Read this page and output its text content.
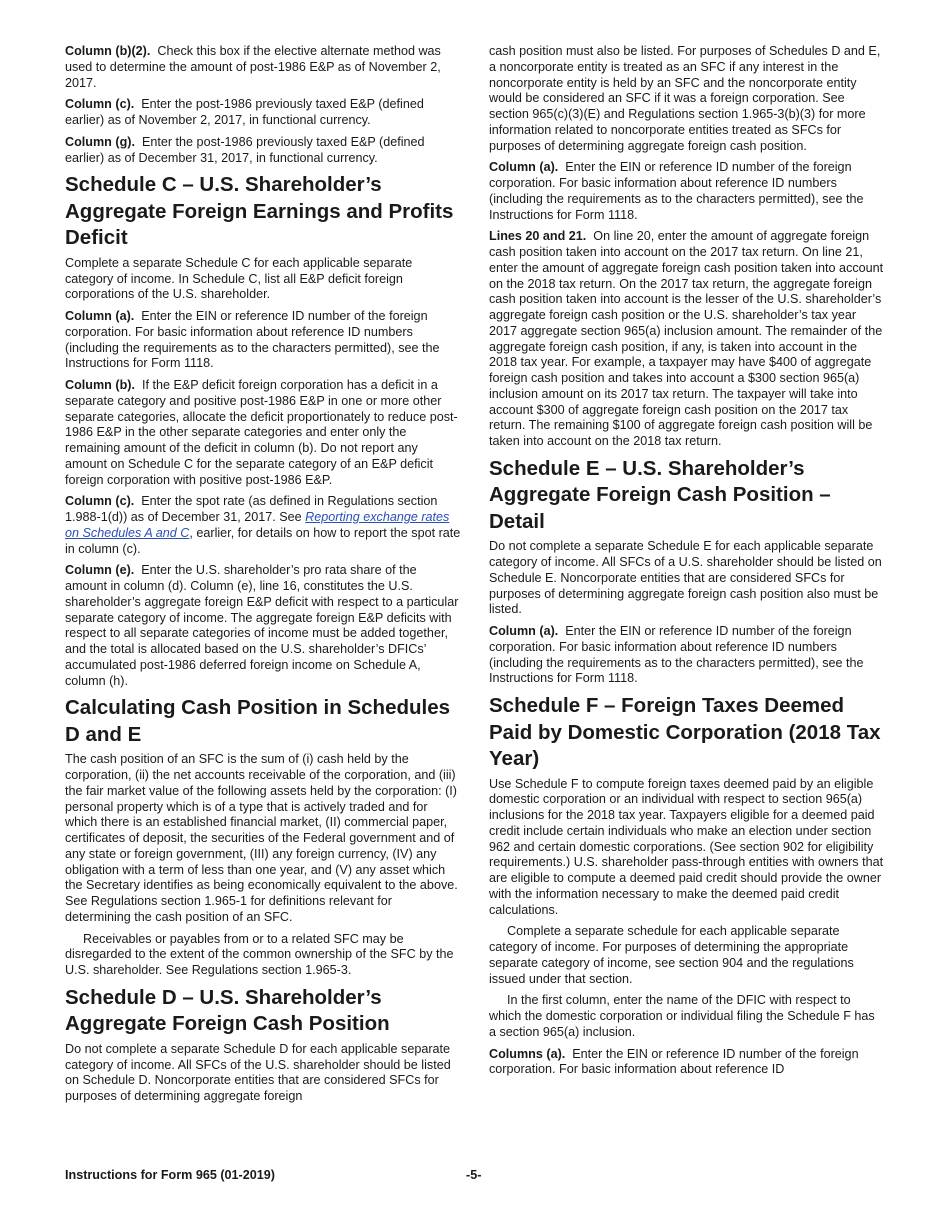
Column (b)(2). Check this box if the elective alternate method was used to determine the amount of post-1986 E&P as of November 2, 2017.

Column (c). Enter the post-1986 previously taxed E&P (defined earlier) as of November 2, 2017, in functional currency.

Column (g). Enter the post-1986 previously taxed E&P (defined earlier) as of December 31, 2017, in functional currency.

Schedule C – U.S. Shareholder’s Aggregate Foreign Earnings and Profits Deficit

Complete a separate Schedule C for each applicable separate category of income. In Schedule C, list all E&P deficit foreign corporations of the U.S. shareholder.

Column (a). Enter the EIN or reference ID number of the foreign corporation. For basic information about reference ID numbers (including the requirements as to the characters permitted), see the Instructions for Form 1118.

Column (b). If the E&P deficit foreign corporation has a deficit in a separate category and positive post-1986 E&P in one or more other separate categories, allocate the deficit proportionately to reduce post-1986 E&P in the other separate categories and enter only the remaining amount of the deficit in column (b). Do not report any amount on Schedule C for the separate category of an E&P deficit foreign corporation with positive post-1986 E&P.

Column (c). Enter the spot rate (as defined in Regulations section 1.988-1(d)) as of December 31, 2017. See Reporting exchange rates on Schedules A and C, earlier, for details on how to report the spot rate in column (c).

Column (e). Enter the U.S. shareholder’s pro rata share of the amount in column (d). Column (e), line 16, constitutes the U.S. shareholder’s aggregate foreign E&P deficit with respect to a particular separate category of income. The aggregate foreign E&P deficits with respect to all separate categories of income must be added together, and the total is allocated based on the U.S. shareholder’s DFICs’ accumulated post-1986 deferred foreign income on Schedule A, column (h).

Calculating Cash Position in Schedules D and E

The cash position of an SFC is the sum of (i) cash held by the corporation, (ii) the net accounts receivable of the corporation, and (iii) the fair market value of the following assets held by the corporation: (I) personal property which is of a type that is actively traded and for which there is an established financial market, (II) commercial paper, certificates of deposit, the securities of the Federal government and of any state or foreign government, (III) any foreign currency, (IV) any obligation with a term of less than one year, and (V) any asset which the Secretary identifies as being economically equivalent to the above. See Regulations section 1.965-1 for definitions relevant for determining the cash position of an SFC.

Receivables or payables from or to a related SFC may be disregarded to the extent of the common ownership of the SFC by the U.S. shareholder. See Regulations section 1.965-3.

Schedule D – U.S. Shareholder’s Aggregate Foreign Cash Position

Do not complete a separate Schedule D for each applicable separate category of income. All SFCs of the U.S. shareholder should be listed on Schedule D. Noncorporate entities that are considered SFCs for purposes of determining aggregate foreign

cash position must also be listed. For purposes of Schedules D and E, a noncorporate entity is treated as an SFC if any interest in the noncorporate entity is held by an SFC and the noncorporate entity would be considered an SFC if it was a foreign corporation. See section 965(c)(3)(E) and Regulations section 1.965-3(b)(3) for more information related to noncorporate entities treated as SFCs for purposes of determining aggregate foreign cash position.

Column (a). Enter the EIN or reference ID number of the foreign corporation. For basic information about reference ID numbers (including the requirements as to the characters permitted), see the Instructions for Form 1118.

Lines 20 and 21. On line 20, enter the amount of aggregate foreign cash position taken into account on the 2017 tax return. On line 21, enter the amount of aggregate foreign cash position taken into account on the 2018 tax return. On the 2017 tax return, the aggregate foreign cash position taken into account is the lesser of the U.S. shareholder’s aggregate foreign cash position or the U.S. shareholder’s tax year 2017 aggregate section 965(a) inclusion amount. The remainder of the aggregate foreign cash position, if any, is taken into account in the 2018 tax year. For example, a taxpayer may have $400 of aggregate foreign cash position and takes into account a $300 section 965(a) inclusion amount on its 2017 tax return. The taxpayer will take into account $300 of aggregate foreign cash position on the 2017 tax return. The remaining $100 of aggregate foreign cash position will be taken into account on the 2018 tax return.

Schedule E – U.S. Shareholder’s Aggregate Foreign Cash Position – Detail

Do not complete a separate Schedule E for each applicable separate category of income. All SFCs of a U.S. shareholder should be listed on Schedule E. Noncorporate entities that are considered SFCs for purposes of determining aggregate foreign cash position also must be listed.

Column (a). Enter the EIN or reference ID number of the foreign corporation. For basic information about reference ID numbers (including the requirements as to the characters permitted), see the Instructions for Form 1118.

Schedule F – Foreign Taxes Deemed Paid by Domestic Corporation (2018 Tax Year)

Use Schedule F to compute foreign taxes deemed paid by an eligible domestic corporation or an individual with respect to section 965(a) inclusions for the 2018 tax year. Taxpayers eligible for a deemed paid credit include certain individuals who make an election under section 962 and certain domestic corporations. (See section 902 for eligibility requirements.) U.S. shareholder pass-through entities with owners that are eligible to compute a deemed paid credit should provide the owner with the information necessary to make the deemed paid credit calculations.

Complete a separate schedule for each applicable separate category of income. For purposes of determining the appropriate separate category of income, see section 904 and the regulations issued under that section.

In the first column, enter the name of the DFIC with respect to which the domestic corporation or individual filing the Schedule F has a section 965(a) inclusion.

Columns (a). Enter the EIN or reference ID number of the foreign corporation. For basic information about reference ID

Instructions for Form 965 (01-2019)	-5-
